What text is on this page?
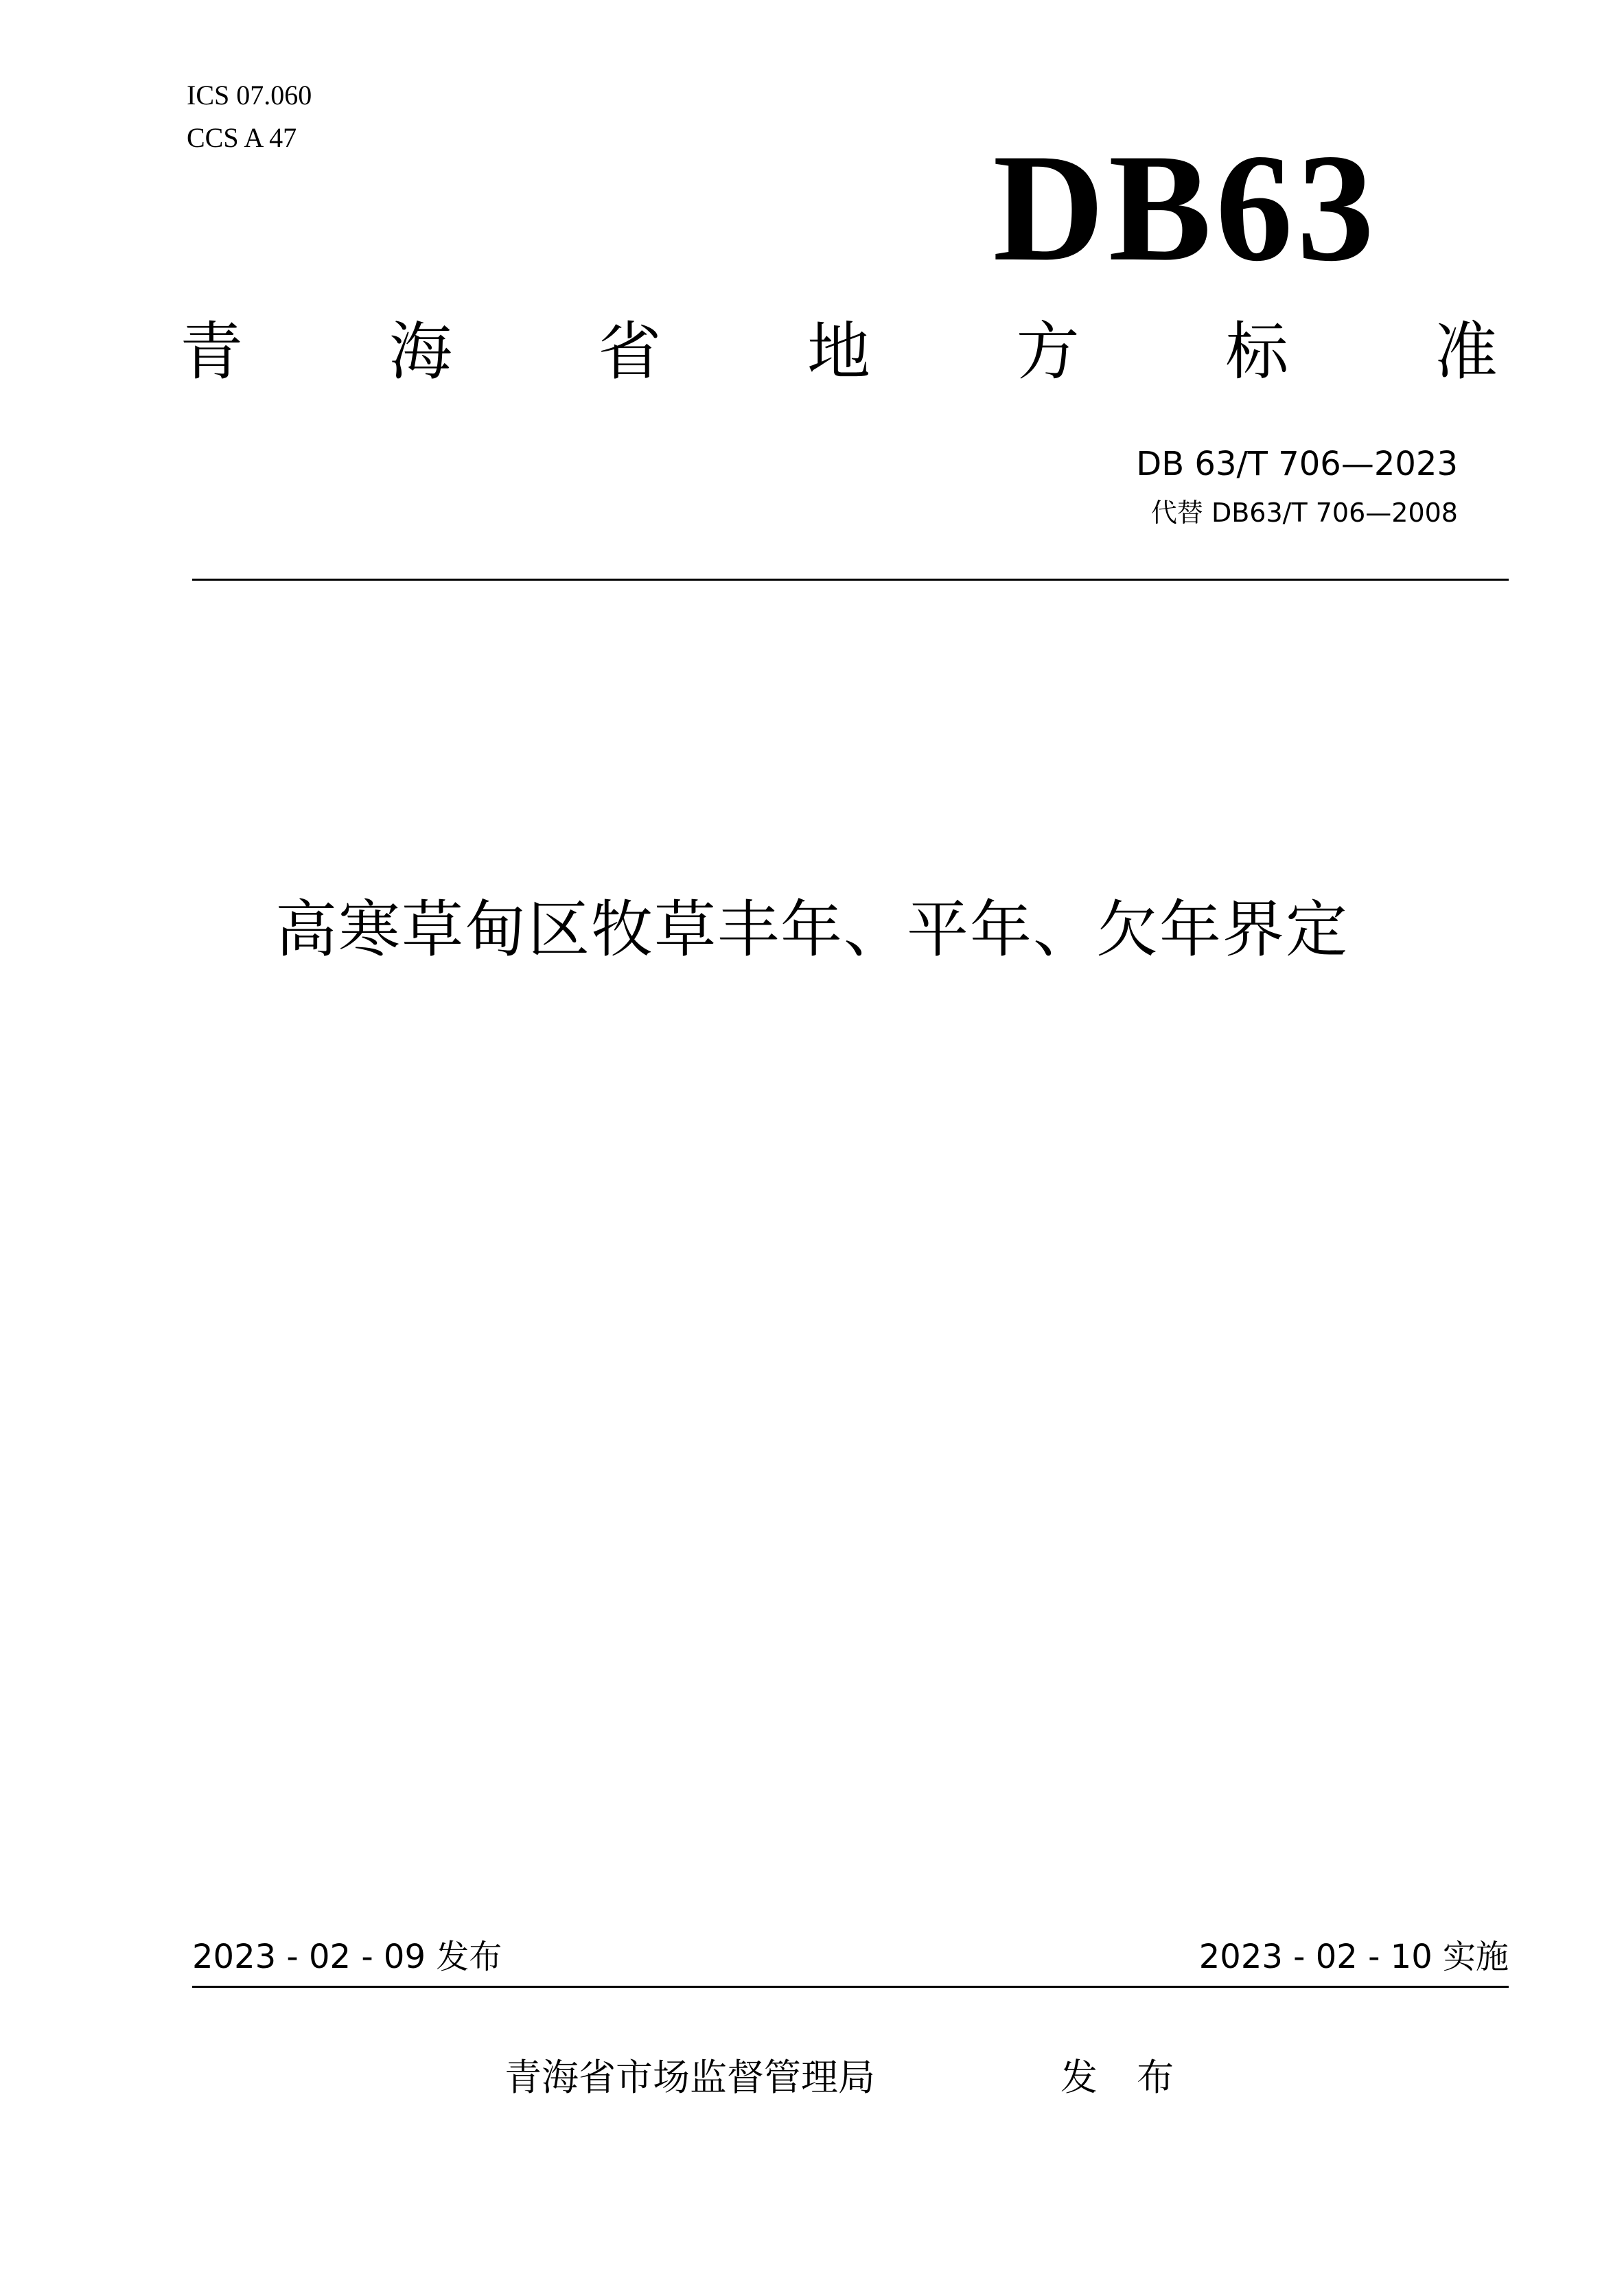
ICS 07.060
CCS A 47	DB63
青 海 省 地 方 标 准
DB 63/T 706—2023
代替 DB63/T 706—2008
高寒草甸区牧草丰年、平年、欠年界定
2023 - 02 - 09 发布	2023 - 02 - 10 实施
青海省市场监督管理局	发 布
